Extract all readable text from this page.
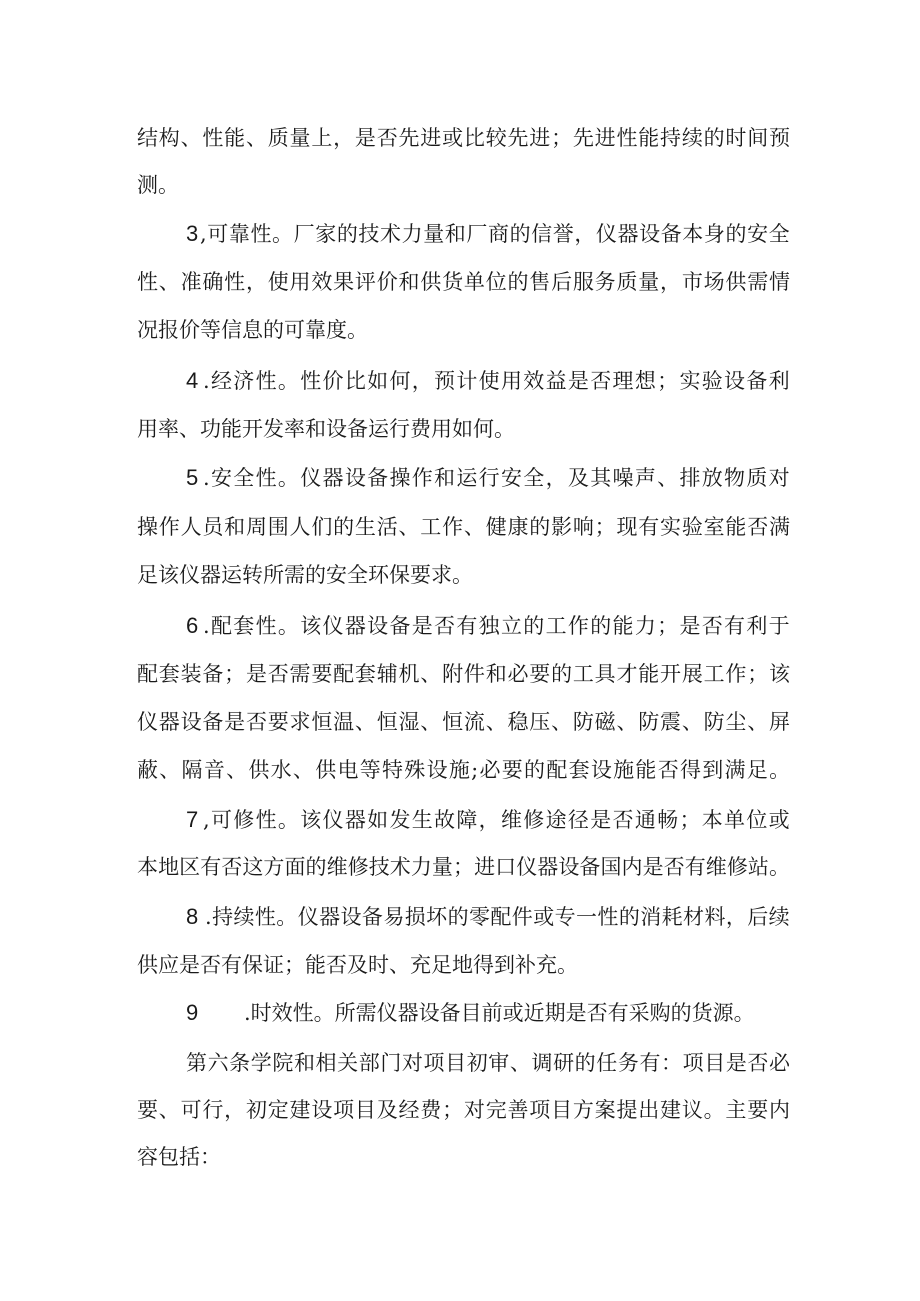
结构、性能、质量上，是否先进或比较先进；先进性能持续的时间预
测。
3 ,可靠性。厂家的技术力量和厂商的信誉，仪器设备本身的安全
性、准确性，使用效果评价和供货单位的售后服务质量，市场供需情
况报价等信息的可靠度。
4 .经济性。性价比如何，预计使用效益是否理想；实验设备利
用率、功能开发率和设备运行费用如何。
5 .安全性。仪器设备操作和运行安全，及其噪声、排放物质对
操作人员和周围人们的生活、工作、健康的影响；现有实验室能否满
足该仪器运转所需的安全环保要求。
6 .配套性。该仪器设备是否有独立的工作的能力；是否有利于
配套装备；是否需要配套辅机、附件和必要的工具才能开展工作；该
仪器设备是否要求恒温、恒湿、恒流、稳压、防磁、防震、防尘、屏
蔽、隔音、供水、供电等特殊设施;必要的配套设施能否得到满足。
7 ,可修性。该仪器如发生故障，维修途径是否通畅；本单位或
本地区有否这方面的维修技术力量；进口仪器设备国内是否有维修站。
8 .持续性。仪器设备易损坏的零配件或专一性的消耗材料，后续
供应是否有保证；能否及时、充足地得到补充。
9 .时效性。所需仪器设备目前或近期是否有采购的货源。
第六条学院和相关部门对项目初审、调研的任务有：项目是否必
要、可行，初定建设项目及经费；对完善项目方案提出建议。主要内
容包括：
